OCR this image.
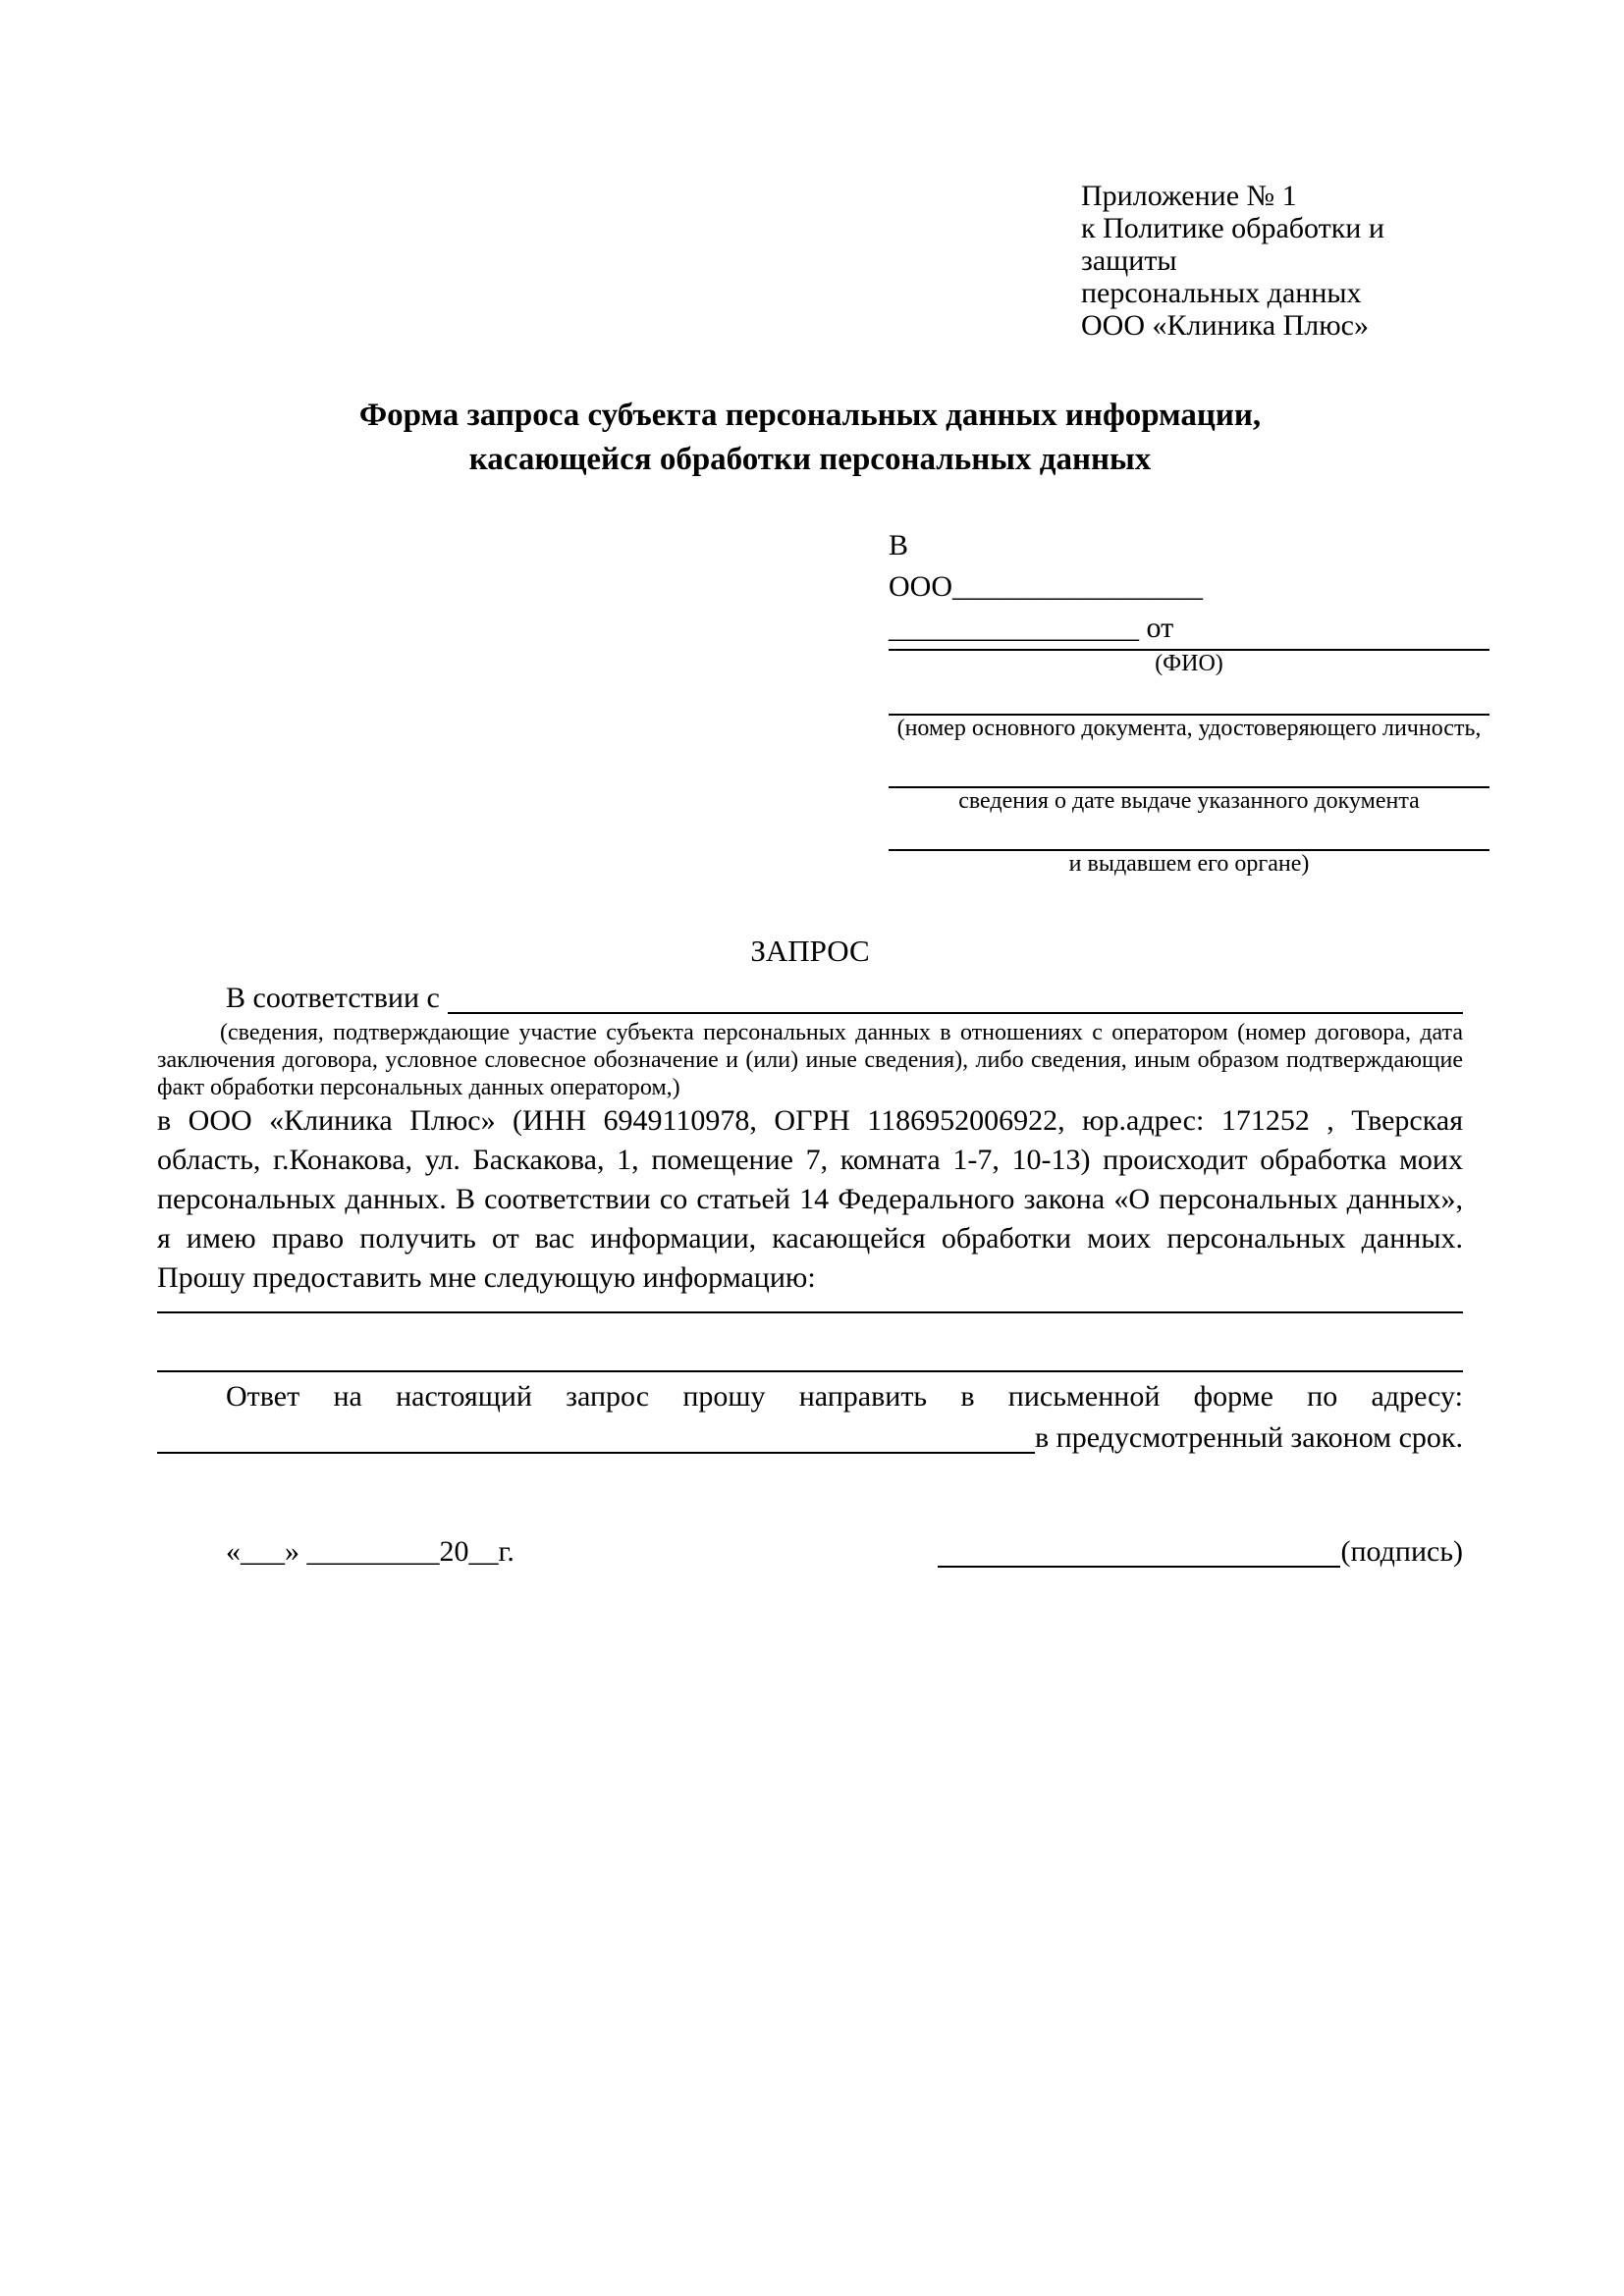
Приложение № 1
к Политике обработки и защиты
персональных данных
ООО «Клиника Плюс»
Форма запроса субъекта персональных данных информации,
касающейся обработки персональных данных
В
ООО_________________
_________________ от
(ФИО)
(номер основного документа, удостоверяющего личность,
сведения о дате выдаче указанного документа
и выдавшем его органе)
ЗАПРОС
В соответствии с

(сведения, подтверждающие участие субъекта персональных данных в отношениях с оператором (номер договора, дата заключения договора, условное словесное обозначение и (или) иные сведения), либо сведения, иным образом подтверждающие факт обработки персональных данных оператором,)

в ООО «Клиника Плюс» (ИНН 6949110978, ОГРН 1186952006922, юр.адрес: 171252 , Тверская область, г.Конакова, ул. Баскакова, 1, помещение 7, комната 1-7, 10-13) происходит обработка моих персональных данных. В соответствии со статьей 14 Федерального закона «О персональных данных», я имею право получить от вас информации, касающейся обработки моих персональных данных. Прошу предоставить мне следующую информацию:

Ответ на настоящий запрос прошу направить в письменной форме по адресу:
в предусмотренный законом срок.
«___» _________20__г.	(подпись)
